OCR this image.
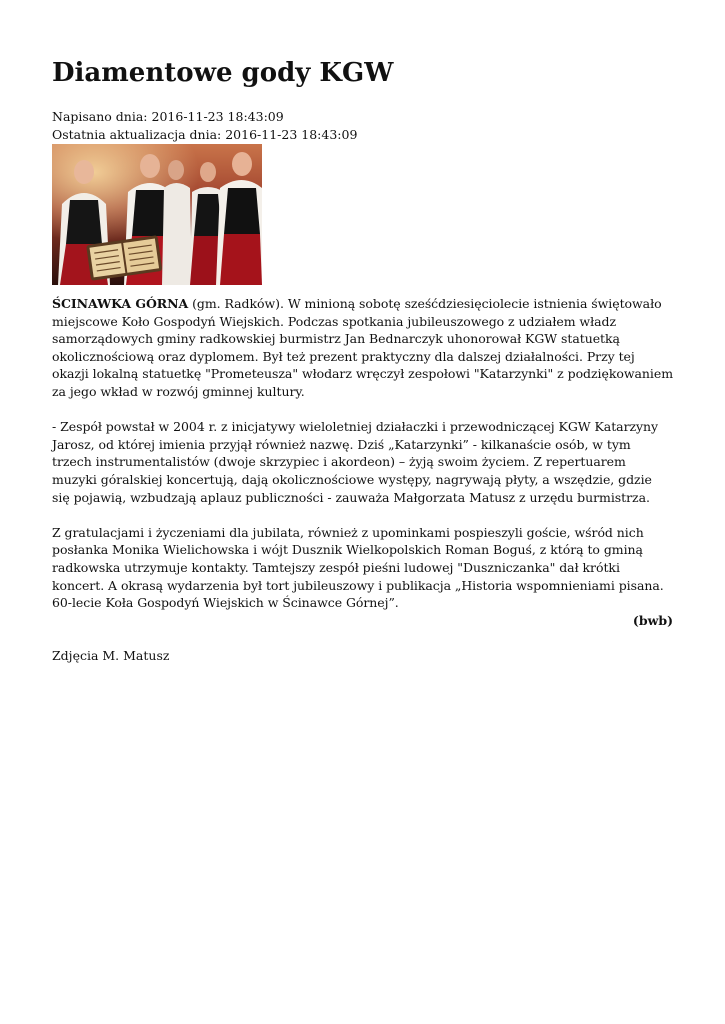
Diamentowe gody KGW
Napisano dnia: 2016-11-23 18:43:09
Ostatnia aktualizacja dnia: 2016-11-23 18:43:09

ŚCINAWKA GÓRNA (gm. Radków). W minioną sobotę sześćdziesięciolecie istnienia świętowało miejscowe Koło Gospodyń Wiejskich. Podczas spotkania jubileuszowego z udziałem władz samorządowych gminy radkowskiej burmistrz Jan Bednarczyk uhonorował KGW statuetką okolicznościową oraz dyplomem. Był też prezent praktyczny dla dalszej działalności. Przy tej okazji lokalną statuetkę "Prometeusza" włodarz wręczył zespołowi "Katarzynki" z podziękowaniem za jego wkład w rozwój gminnej kultury.

- Zespół powstał w 2004 r. z inicjatywy wieloletniej działaczki i przewodniczącej KGW Katarzyny Jarosz, od której imienia przyjął również nazwę. Dziś „Katarzynki” - kilkanaście osób, w tym trzech instrumentalistów (dwoje skrzypiec i akordeon) – żyją swoim życiem. Z repertuarem muzyki góralskiej koncertują, dają okolicznościowe występy, nagrywają płyty, a wszędzie, gdzie się pojawią, wzbudzają aplauz publiczności - zauważa Małgorzata Matusz z urzędu burmistrza.

Z gratulacjami i życzeniami dla jubilata, również z upominkami pospieszyli goście, wśród nich posłanka Monika Wielichowska i wójt Dusznik Wielkopolskich Roman Boguś, z którą to gminą radkowska utrzymuje kontakty. Tamtejszy zespół pieśni ludowej "Duszniczanka" dał krótki koncert. A okrasą wydarzenia był tort jubileuszowy i publikacja „Historia wspomnieniami pisana. 60-lecie Koła Gospodyń Wiejskich w Ścinawce Górnej”.

(bwb)
Zdjęcia M. Matusz
